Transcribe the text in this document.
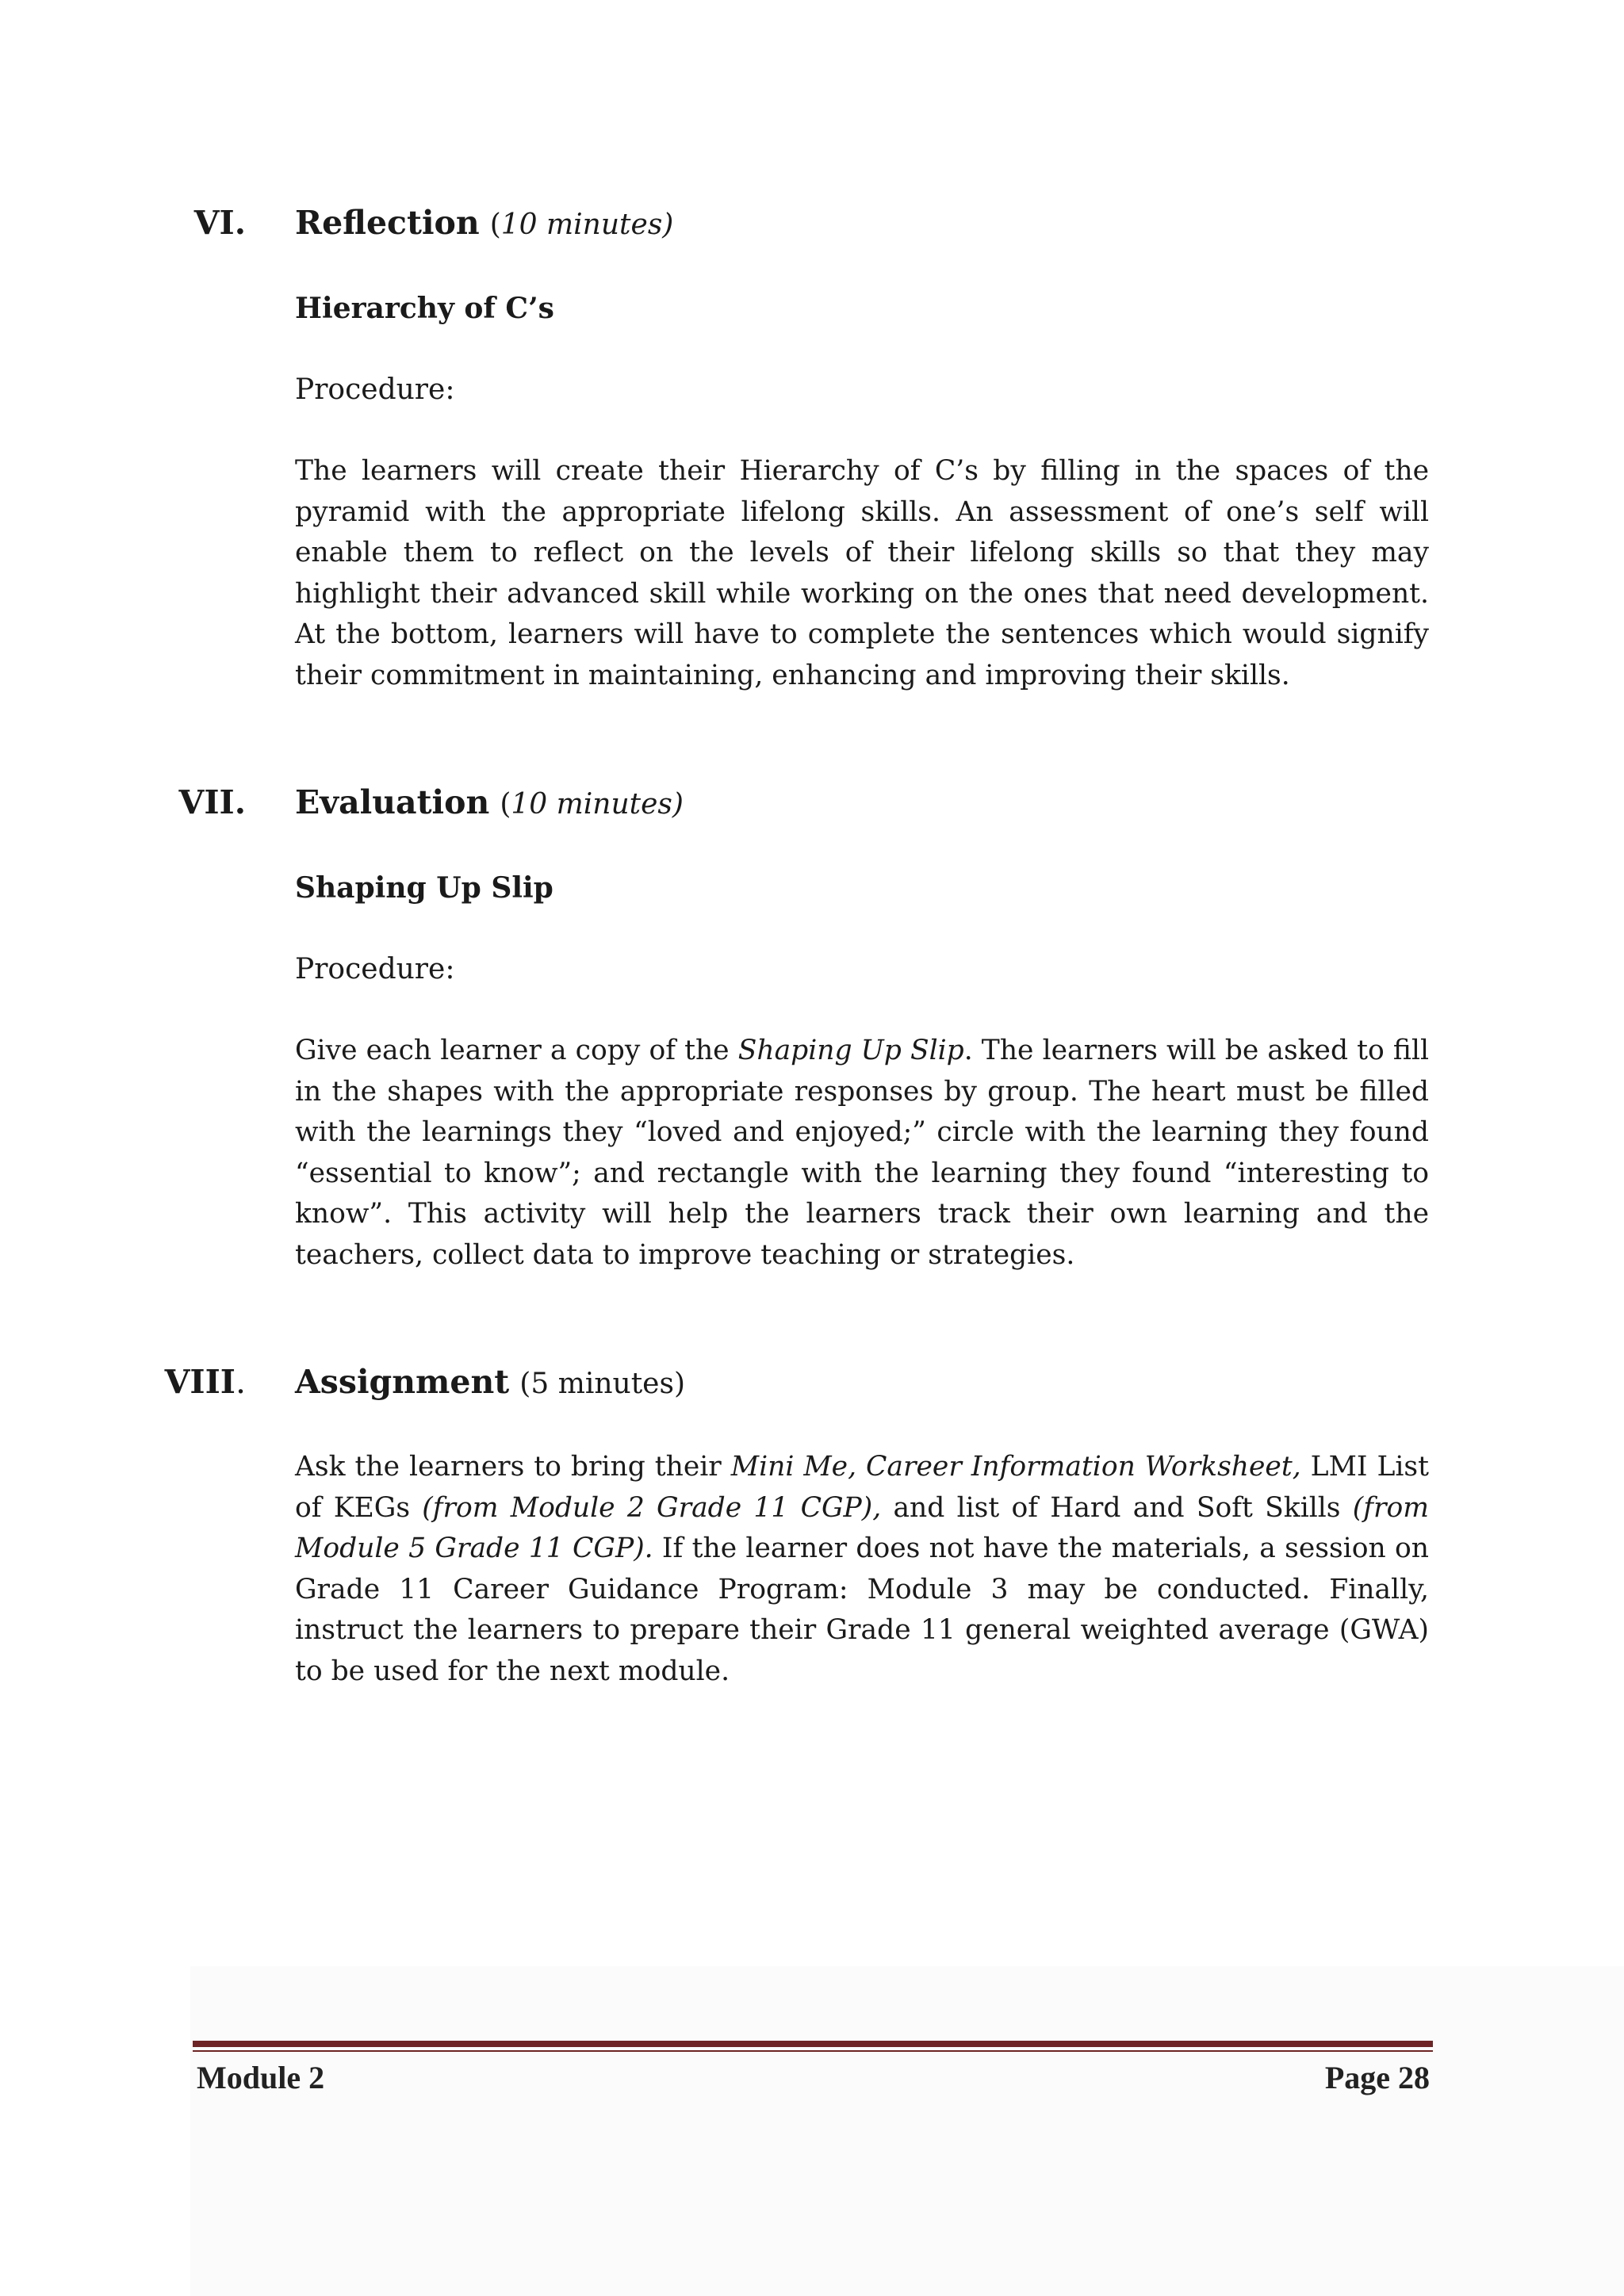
VI. Reflection (10 minutes)
Hierarchy of C’s
Procedure:

The learners will create their Hierarchy of C’s by filling in the spaces of the pyramid with the appropriate lifelong skills. An assessment of one’s self will enable them to reflect on the levels of their lifelong skills so that they may highlight their advanced skill while working on the ones that need development. At the bottom, learners will have to complete the sentences which would signify their commitment in maintaining, enhancing and improving their skills.

VII. Evaluation (10 minutes)
Shaping Up Slip
Procedure:

Give each learner a copy of the Shaping Up Slip. The learners will be asked to fill in the shapes with the appropriate responses by group. The heart must be filled with the learnings they “loved and enjoyed;” circle with the learning they found “essential to know”; and rectangle with the learning they found “interesting to know”. This activity will help the learners track their own learning and the teachers, collect data to improve teaching or strategies.

VIII. Assignment (5 minutes)

Ask the learners to bring their Mini Me, Career Information Worksheet, LMI List of KEGs (from Module 2 Grade 11 CGP), and list of Hard and Soft Skills (from Module 5 Grade 11 CGP). If the learner does not have the materials, a session on Grade 11 Career Guidance Program: Module 3 may be conducted. Finally, instruct the learners to prepare their Grade 11 general weighted average (GWA) to be used for the next module.

Module 2	Page 28
